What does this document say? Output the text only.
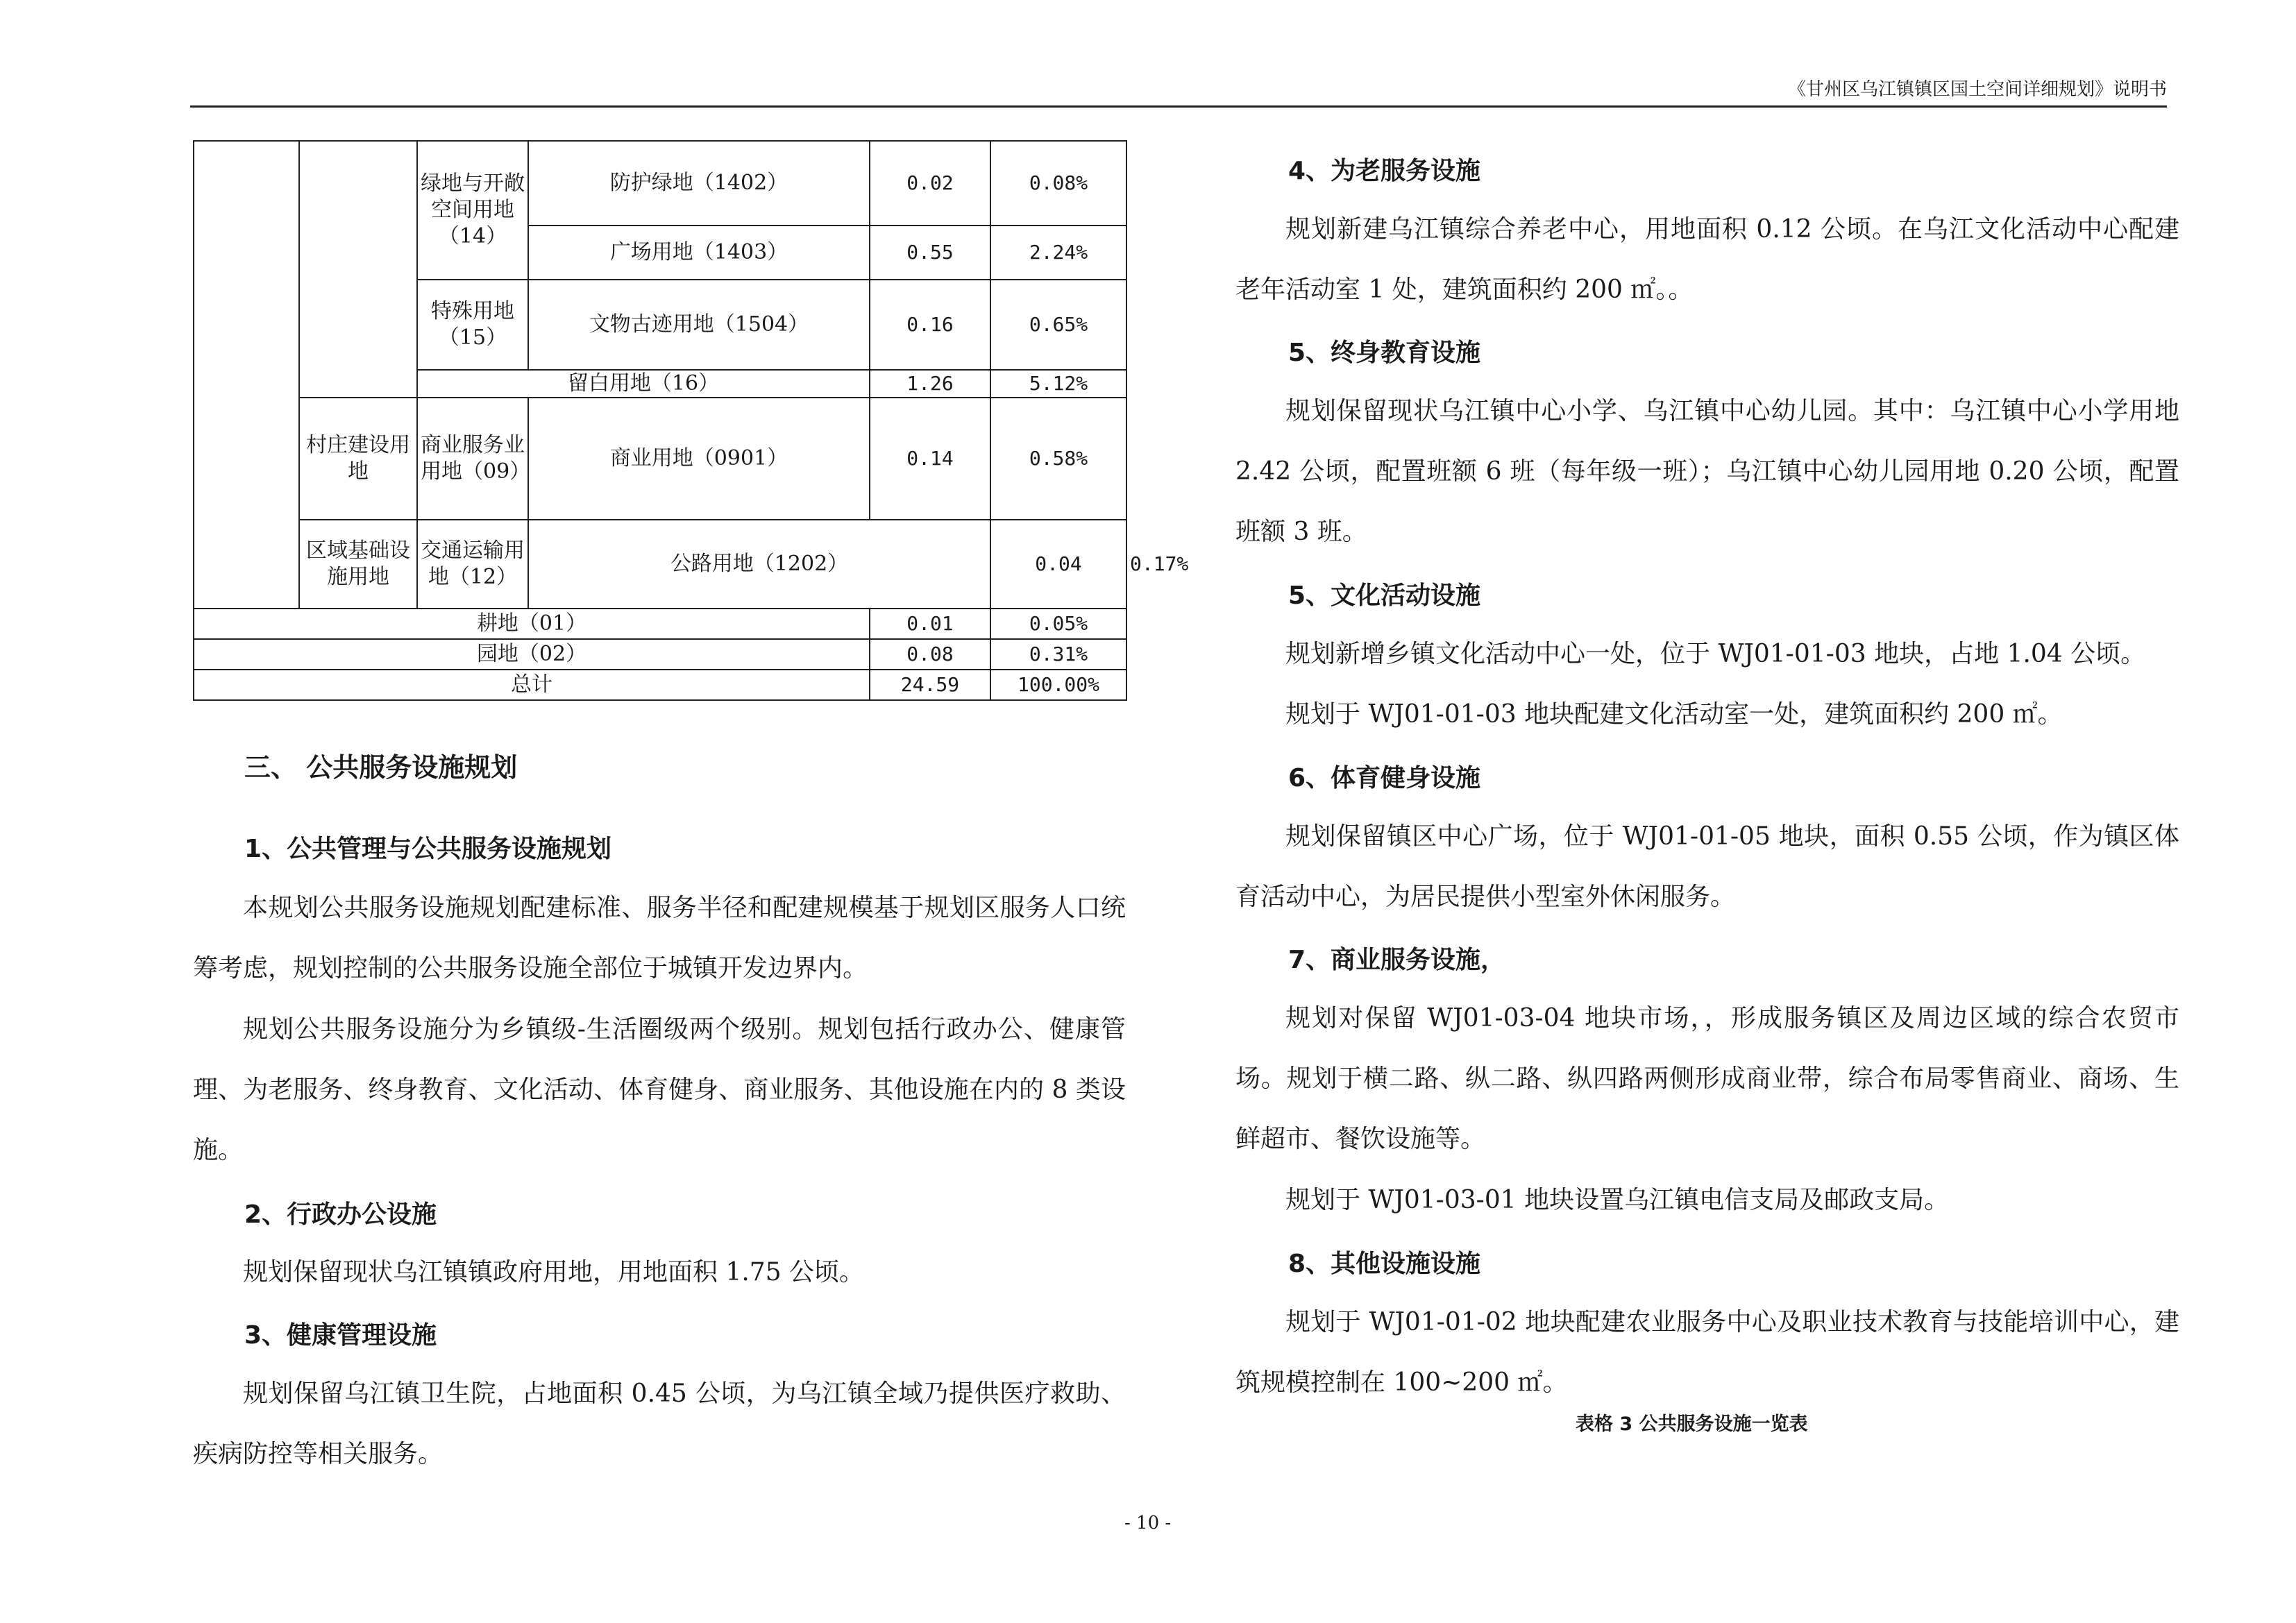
《甘州区乌江镇镇区国土空间详细规划》说明书
		绿地与开敞空间用地（14）	防护绿地（1402）	0.02	0.08%	
			广场用地（1403）	0.55	2.24%	
		特殊用地（15）	文物古迹用地（1504）	0.16	0.65%	
		留白用地（16）		1.26	5.12%	
	村庄建设用地	商业服务业用地（09）	商业用地（0901）	0.14	0.58%	
	区域基础设施用地	交通运输用地（12）	公路用地（1202）		0.04	0.17%
耕地（01）				0.01	0.05%	
园地（02）				0.08	0.31%	
总计				24.59	100.00%	
三、 公共服务设施规划
1、公共管理与公共服务设施规划

本规划公共服务设施规划配建标准、服务半径和配建规模基于规划区服务人口统筹考虑，规划控制的公共服务设施全部位于城镇开发边界内。

规划公共服务设施分为乡镇级-生活圈级两个级别。规划包括行政办公、健康管理、为老服务、终身教育、文化活动、体育健身、商业服务、其他设施在内的 8 类设施。

2、行政办公设施

规划保留现状乌江镇镇政府用地，用地面积 1.75 公顷。

3、健康管理设施

规划保留乌江镇卫生院，占地面积 0.45 公顷，为乌江镇全域乃提供医疗救助、疾病防控等相关服务。

4、为老服务设施

规划新建乌江镇综合养老中心，用地面积 0.12 公顷。在乌江文化活动中心配建老年活动室 1 处，建筑面积约 200 ㎡。。

5、终身教育设施

规划保留现状乌江镇中心小学、乌江镇中心幼儿园。其中：乌江镇中心小学用地 2.42 公顷，配置班额 6 班（每年级一班）；乌江镇中心幼儿园用地 0.20 公顷，配置班额 3 班。

5、文化活动设施

规划新增乡镇文化活动中心一处，位于 WJ01-01-03 地块，占地 1.04 公顷。

规划于 WJ01-01-03 地块配建文化活动室一处，建筑面积约 200 ㎡。

6、体育健身设施

规划保留镇区中心广场，位于 WJ01-01-05 地块，面积 0.55 公顷，作为镇区体育活动中心，为居民提供小型室外休闲服务。

7、商业服务设施，

规划对保留 WJ01-03-04 地块市场，，形成服务镇区及周边区域的综合农贸市场。规划于横二路、纵二路、纵四路两侧形成商业带，综合布局零售商业、商场、生鲜超市、餐饮设施等。

规划于 WJ01-03-01 地块设置乌江镇电信支局及邮政支局。

8、其他设施设施

规划于 WJ01-01-02 地块配建农业服务中心及职业技术教育与技能培训中心，建筑规模控制在 100~200 ㎡。

表格 3 公共服务设施一览表
- 10 -
